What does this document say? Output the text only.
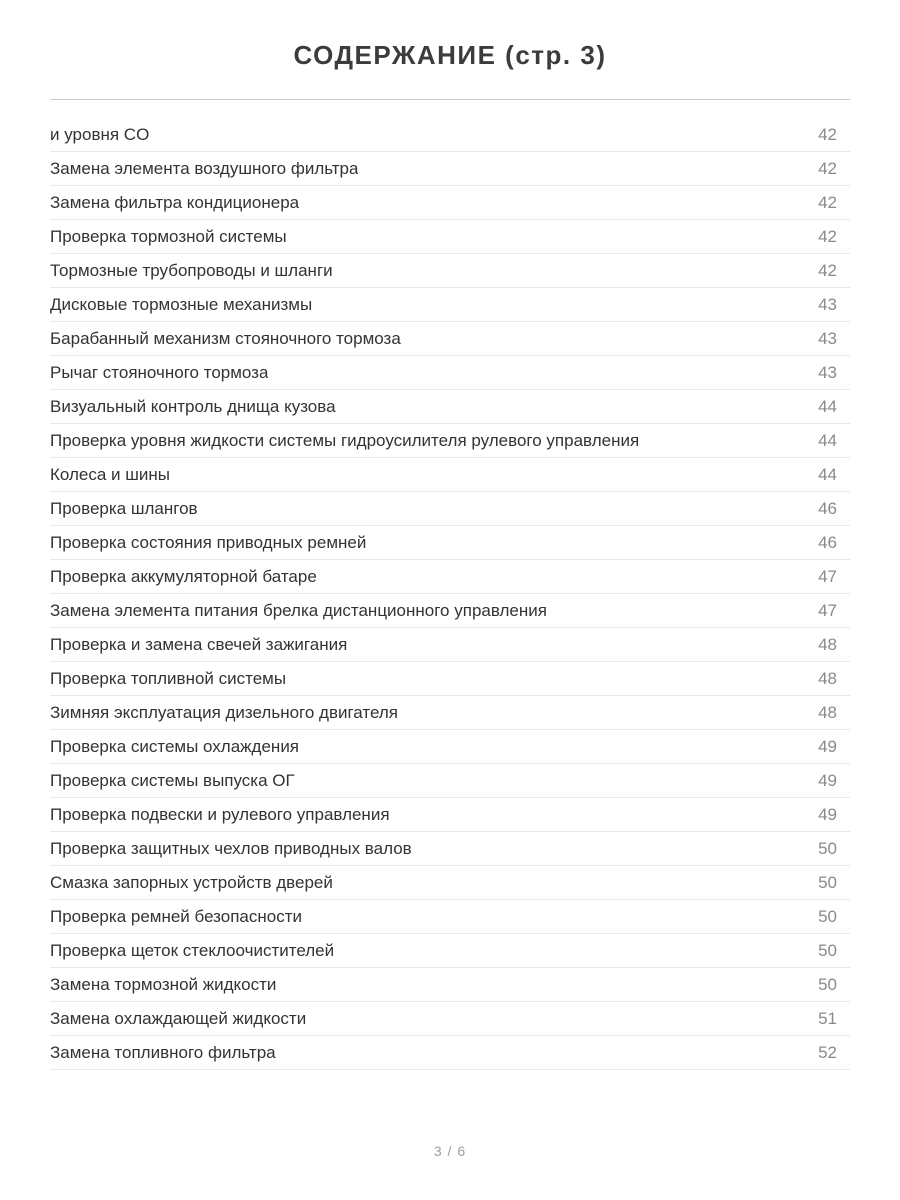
СОДЕРЖАНИЕ (стр. 3)
и уровня CO	42
Замена элемента воздушного фильтра	42
Замена фильтра кондиционера	42
Проверка тормозной системы	42
Тормозные трубопроводы и шланги	42
Дисковые тормозные механизмы	43
Барабанный механизм стояночного тормоза	43
Рычаг стояночного тормоза	43
Визуальный контроль днища кузова	44
Проверка уровня жидкости системы гидроусилителя рулевого управления	44
Колеса и шины	44
Проверка шлангов	46
Проверка состояния приводных ремней	46
Проверка аккумуляторной батаре	47
Замена элемента питания брелка дистанционного управления	47
Проверка и замена свечей зажигания	48
Проверка топливной системы	48
Зимняя эксплуатация дизельного двигателя	48
Проверка системы охлаждения	49
Проверка системы выпуска ОГ	49
Проверка подвески и рулевого управления	49
Проверка защитных чехлов приводных валов	50
Смазка запорных устройств дверей	50
Проверка ремней безопасности	50
Проверка щеток стеклоочистителей	50
Замена тормозной жидкости	50
Замена охлаждающей жидкости	51
Замена топливного фильтра	52
3 / 6
